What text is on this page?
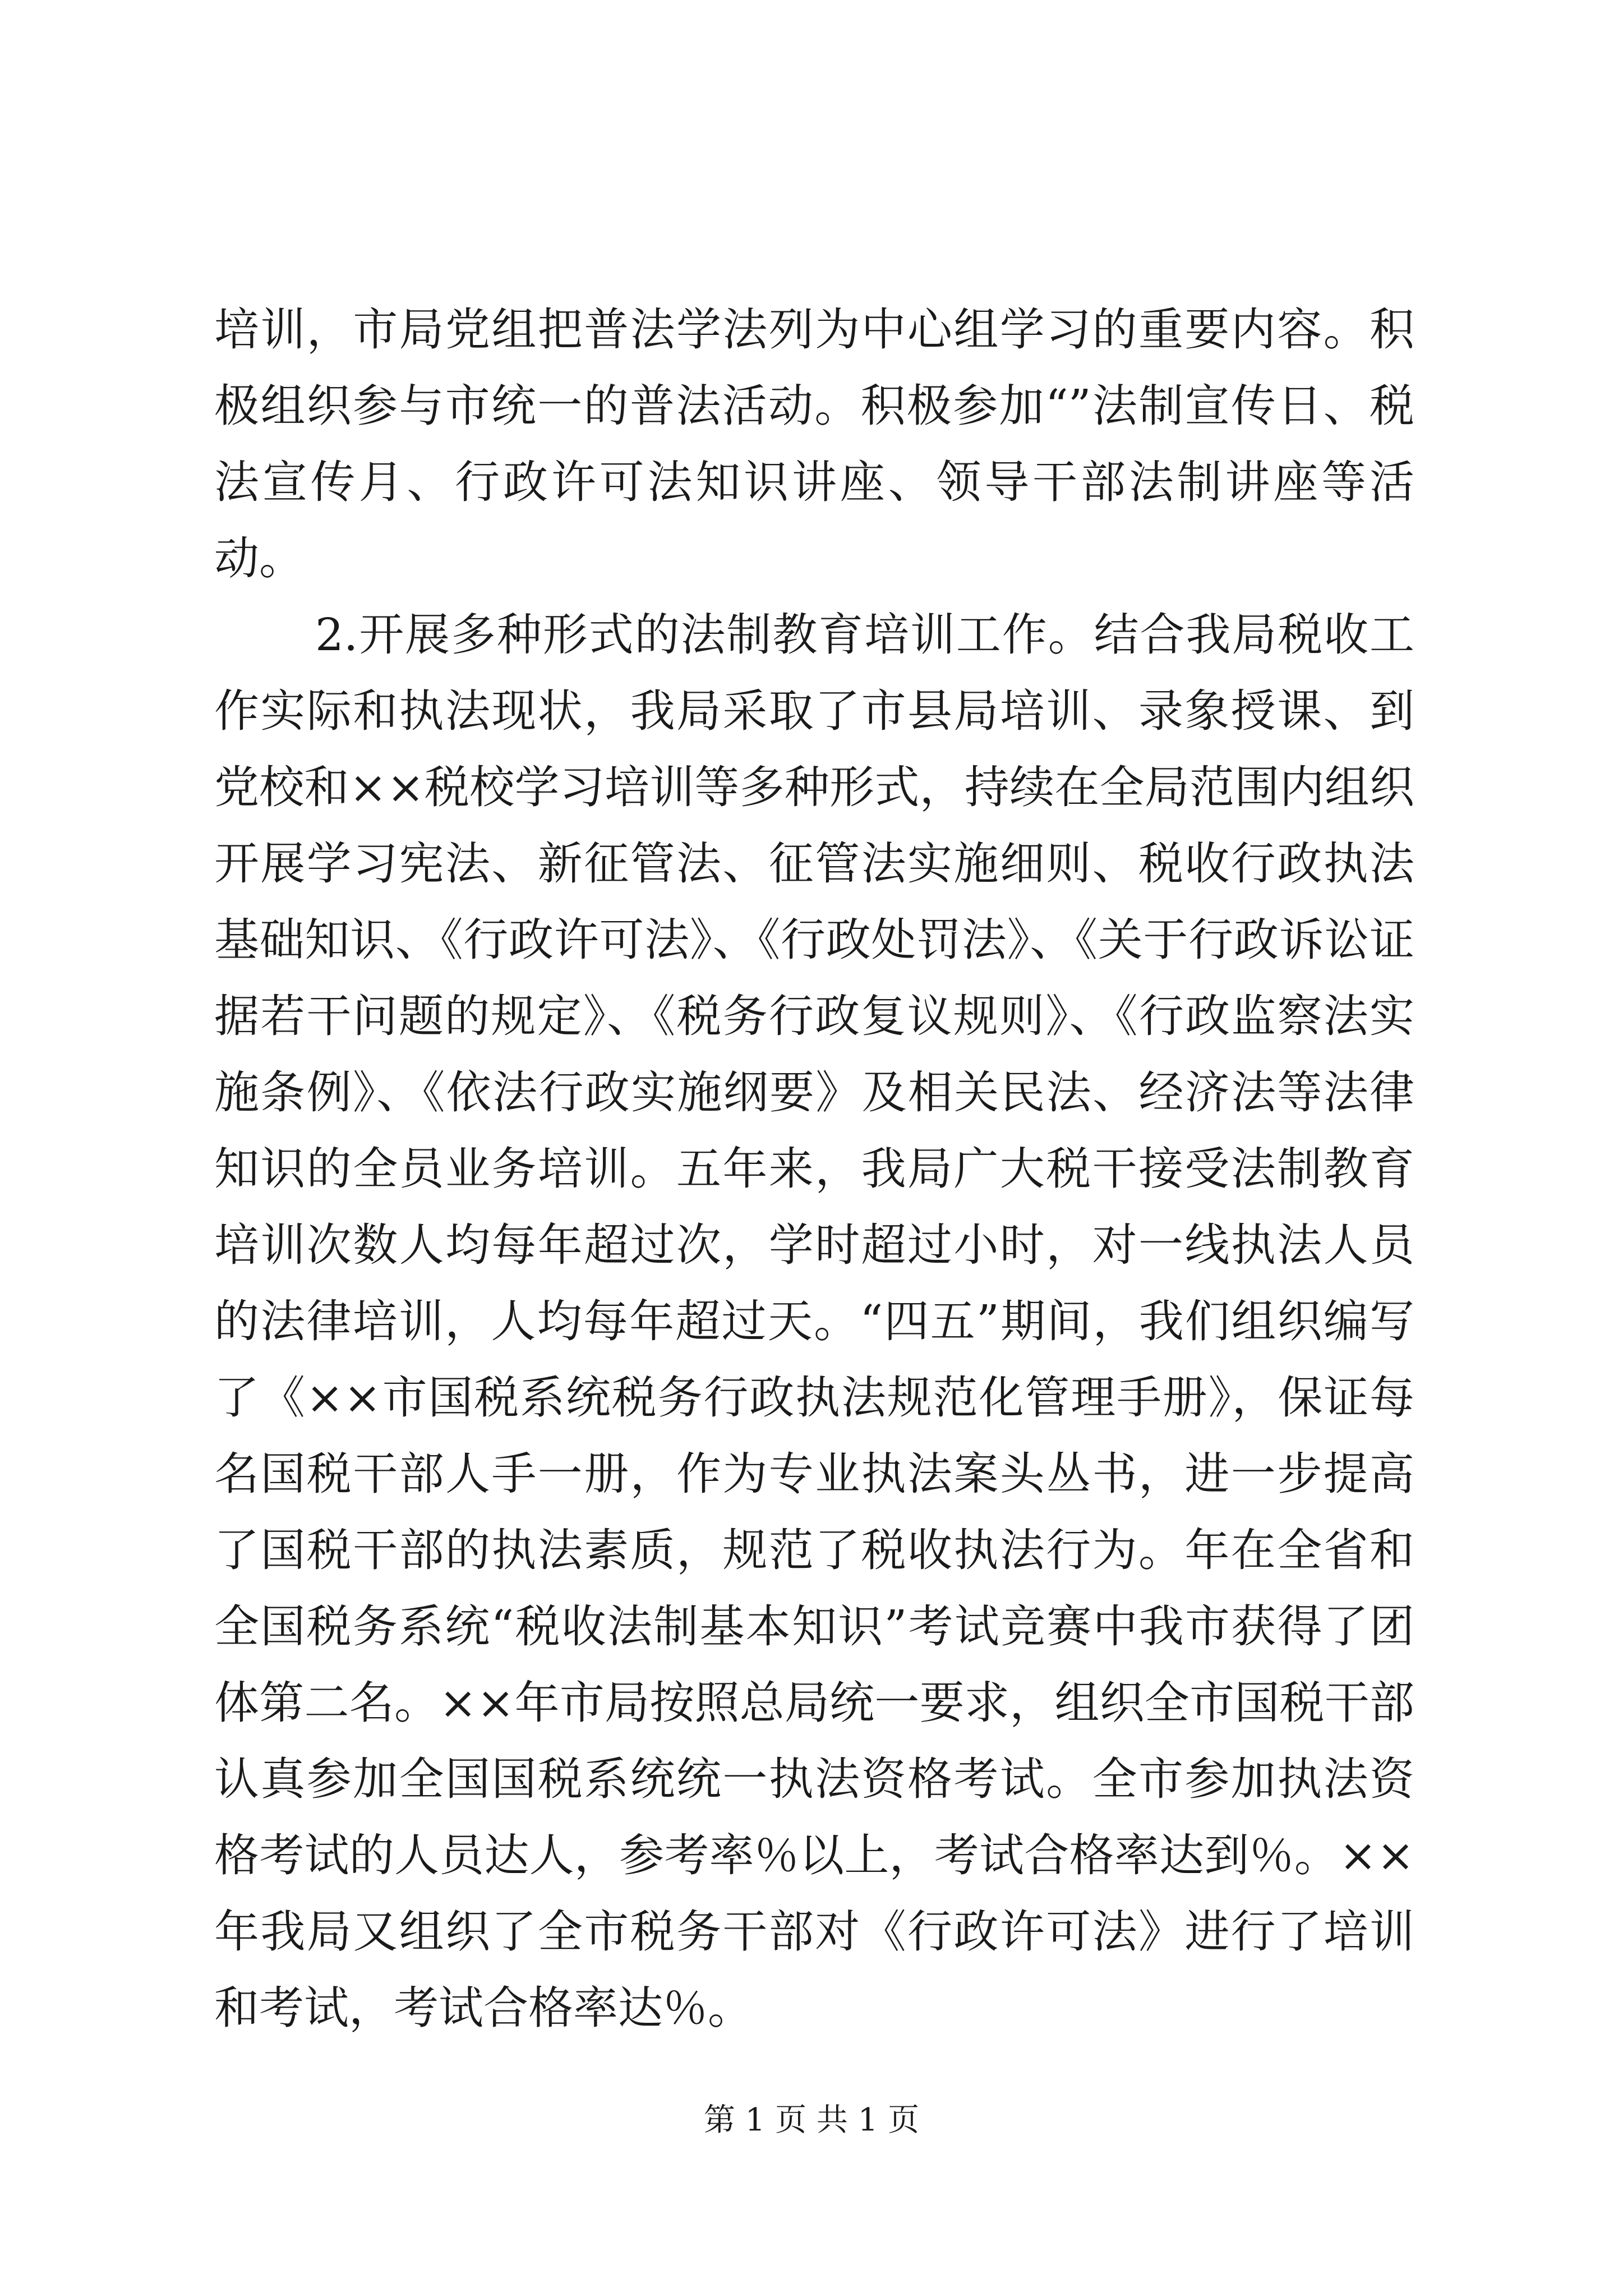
培训，市局党组把普法学法列为中心组学习的重要内容。积极组织参与市统一的普法活动。积极参加“”法制宣传日、税法宣传月、行政许可法知识讲座、领导干部法制讲座等活动。

2.开展多种形式的法制教育培训工作。结合我局税收工作实际和执法现状，我局采取了市县局培训、录象授课、到党校和××税校学习培训等多种形式，持续在全局范围内组织开展学习宪法、新征管法、征管法实施细则、税收行政执法基础知识、《行政许可法》、《行政处罚法》、《关于行政诉讼证据若干问题的规定》、《税务行政复议规则》、《行政监察法实施条例》、《依法行政实施纲要》及相关民法、经济法等法律知识的全员业务培训。五年来，我局广大税干接受法制教育培训次数人均每年超过次，学时超过小时，对一线执法人员的法律培训，人均每年超过天。“四五”期间，我们组织编写了《××市国税系统税务行政执法规范化管理手册》，保证每名国税干部人手一册，作为专业执法案头丛书，进一步提高了国税干部的执法素质，规范了税收执法行为。年在全省和全国税务系统“税收法制基本知识”考试竞赛中我市获得了团体第二名。××年市局按照总局统一要求，组织全市国税干部认真参加全国国税系统统一执法资格考试。全市参加执法资格考试的人员达人，参考率％以上，考试合格率达到％。××年我局又组织了全市税务干部对《行政许可法》进行了培训和考试，考试合格率达％。

第 1 页 共 1 页
